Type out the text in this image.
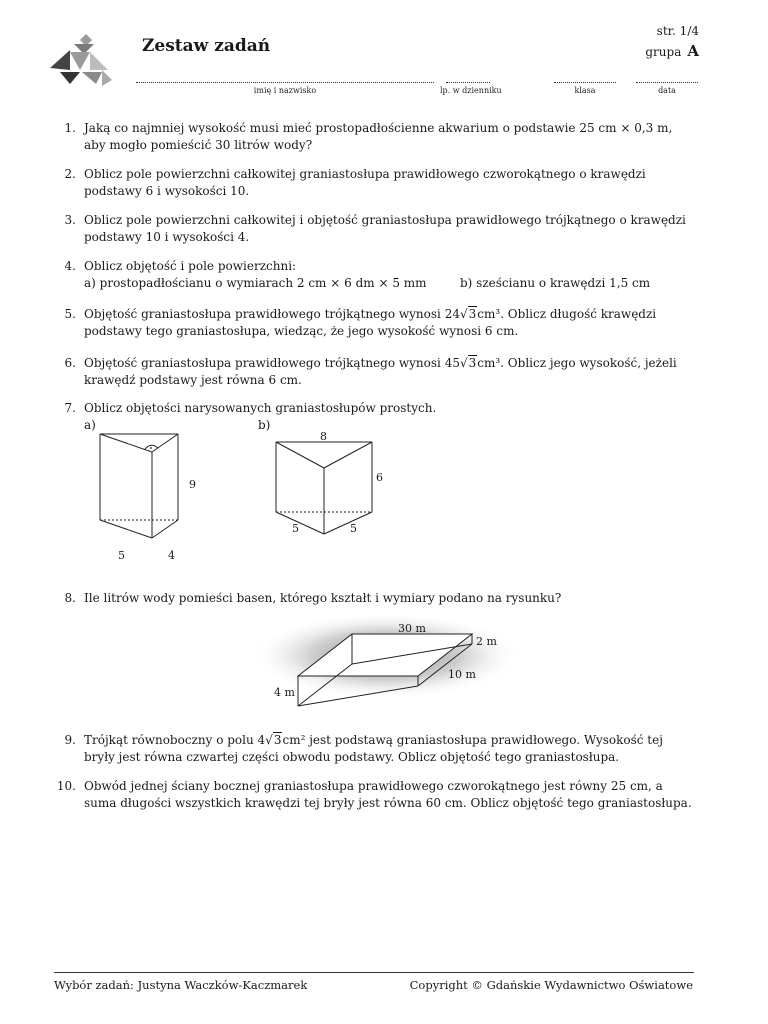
Zestaw zadań
str. 1/4
grupa A
imię i nazwisko	lp. w dzienniku	klasa	data
1. Jaką co najmniej wysokość musi mieć prostopadłościenne akwarium o podstawie 25 cm × 0,3 m, aby mogło pomieścić 30 litrów wody?
2. Oblicz pole powierzchni całkowitej graniastosłupa prawidłowego czworokątnego o krawędzi podstawy 6 i wysokości 10.
3. Oblicz pole powierzchni całkowitej i objętość graniastosłupa prawidłowego trójkątnego o krawędzi podstawy 10 i wysokości 4.
4. Oblicz objętość i pole powierzchni:
a) prostopadłościanu o wymiarach 2 cm × 6 dm × 5 mm	b) sześcianu o krawędzi 1,5 cm
5. Objętość graniastosłupa prawidłowego trójkątnego wynosi 24√3cm³. Oblicz długość krawędzi podstawy tego graniastosłupa, wiedząc, że jego wysokość wynosi 6 cm.
6. Objętość graniastosłupa prawidłowego trójkątnego wynosi 45√3cm³. Oblicz jego wysokość, jeżeli krawędź podstawy jest równa 6 cm.
7. Oblicz objętości narysowanych graniastosłupów prostych.
a)	b)
9
5	4
8
6
5	5
8. Ile litrów wody pomieści basen, którego kształt i wymiary podano na rysunku?
30 m
2 m
10 m
4 m
9. Trójkąt równoboczny o polu 4√3cm² jest podstawą graniastosłupa prawidłowego. Wysokość tej bryły jest równa czwartej części obwodu podstawy. Oblicz objętość tego graniastosłupa.
10. Obwód jednej ściany bocznej graniastosłupa prawidłowego czworokątnego jest równy 25 cm, a suma długości wszystkich krawędzi tej bryły jest równa 60 cm. Oblicz objętość tego graniastosłupa.
Wybór zadań: Justyna Waczków-Kaczmarek	Copyright © Gdańskie Wydawnictwo Oświatowe
